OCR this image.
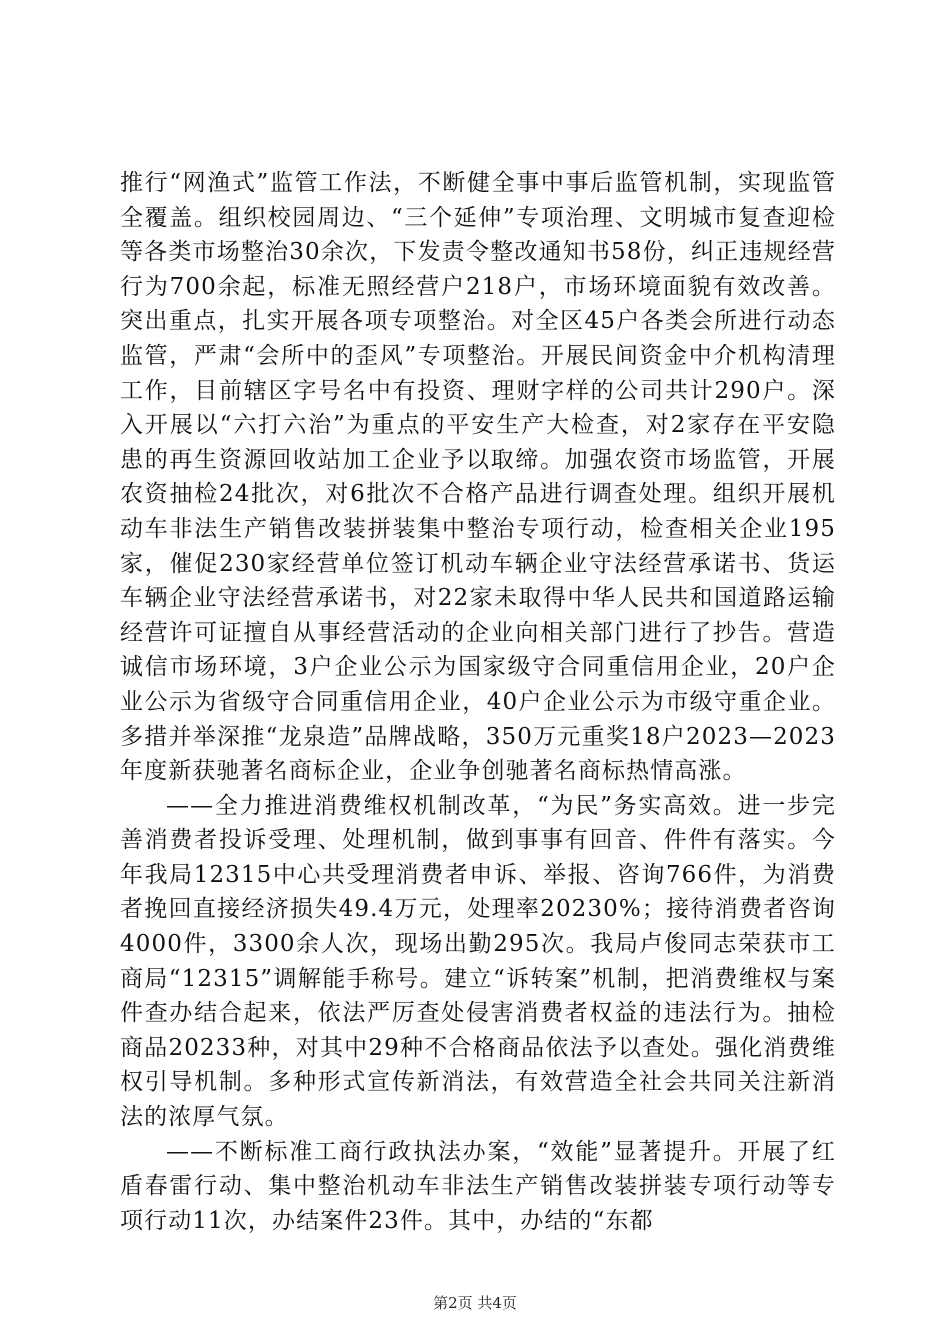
推行“网渔式”监管工作法，不断健全事中事后监管机制，实现监管全覆盖。组织校园周边、“三个延伸”专项治理、文明城市复查迎检等各类市场整治30余次，下发责令整改通知书58份，纠正违规经营行为700余起，标准无照经营户218户，市场环境面貌有效改善。突出重点，扎实开展各项专项整治。对全区45户各类会所进行动态监管，严肃“会所中的歪风”专项整治。开展民间资金中介机构清理工作，目前辖区字号名中有投资、理财字样的公司共计290户。深入开展以“六打六治”为重点的平安生产大检查，对2家存在平安隐患的再生资源回收站加工企业予以取缔。加强农资市场监管，开展农资抽检24批次，对6批次不合格产品进行调查处理。组织开展机动车非法生产销售改装拼装集中整治专项行动，检查相关企业195家，催促230家经营单位签订机动车辆企业守法经营承诺书、货运车辆企业守法经营承诺书，对22家未取得中华人民共和国道路运输经营许可证擅自从事经营活动的企业向相关部门进行了抄告。营造诚信市场环境，3户企业公示为国家级守合同重信用企业，20户企业公示为省级守合同重信用企业，40户企业公示为市级守重企业。多措并举深推“龙泉造”品牌战略，350万元重奖18户2023—2023年度新获驰著名商标企业，企业争创驰著名商标热情高涨。

——全力推进消费维权机制改革，“为民”务实高效。进一步完善消费者投诉受理、处理机制，做到事事有回音、件件有落实。今年我局12315中心共受理消费者申诉、举报、咨询766件，为消费者挽回直接经济损失49.4万元，处理率20230%；接待消费者咨询4000件，3300余人次，现场出勤295次。我局卢俊同志荣获市工商局“12315”调解能手称号。建立“诉转案”机制，把消费维权与案件查办结合起来，依法严厉查处侵害消费者权益的违法行为。抽检商品20233种，对其中29种不合格商品依法予以查处。强化消费维权引导机制。多种形式宣传新消法，有效营造全社会共同关注新消法的浓厚气氛。

——不断标准工商行政执法办案，“效能”显著提升。开展了红盾春雷行动、集中整治机动车非法生产销售改装拼装专项行动等专项行动11次，办结案件23件。其中，办结的“东都

第2页 共4页
